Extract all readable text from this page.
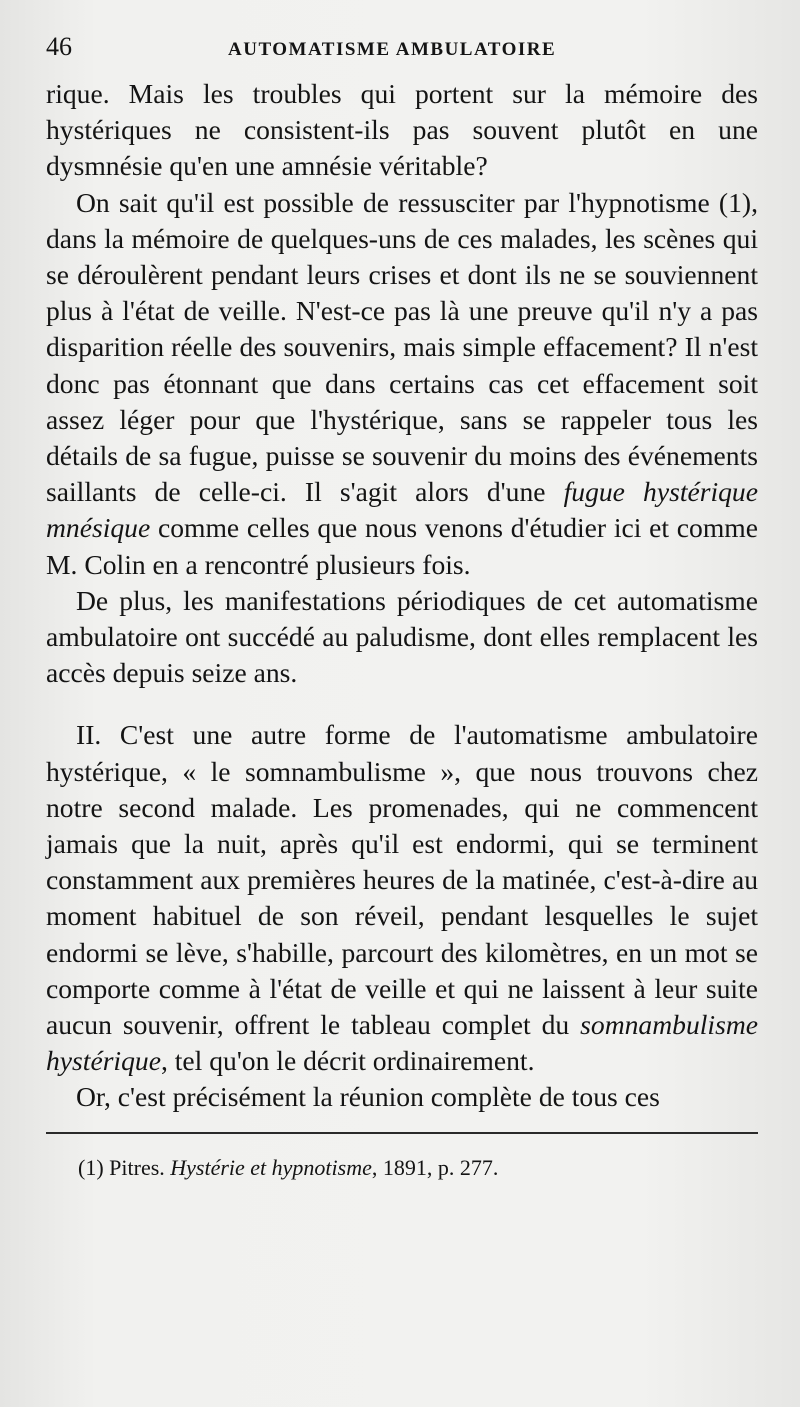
46	AUTOMATISME AMBULATOIRE

rique. Mais les troubles qui portent sur la mémoire des hystériques ne consistent-ils pas souvent plutôt en une dysmnésie qu'en une amnésie véritable?

On sait qu'il est possible de ressusciter par l'hypnotisme (1), dans la mémoire de quelques-uns de ces malades, les scènes qui se déroulèrent pendant leurs crises et dont ils ne se souviennent plus à l'état de veille. N'est-ce pas là une preuve qu'il n'y a pas disparition réelle des souvenirs, mais simple effacement? Il n'est donc pas étonnant que dans certains cas cet effacement soit assez léger pour que l'hystérique, sans se rappeler tous les détails de sa fugue, puisse se souvenir du moins des événements saillants de celle-ci. Il s'agit alors d'une fugue hystérique mnésique comme celles que nous venons d'étudier ici et comme M. Colin en a rencontré plusieurs fois.

De plus, les manifestations périodiques de cet automatisme ambulatoire ont succédé au paludisme, dont elles remplacent les accès depuis seize ans.

II. C'est une autre forme de l'automatisme ambulatoire hystérique, « le somnambulisme », que nous trouvons chez notre second malade. Les promenades, qui ne commencent jamais que la nuit, après qu'il est endormi, qui se terminent constamment aux premières heures de la matinée, c'est-à-dire au moment habituel de son réveil, pendant lesquelles le sujet endormi se lève, s'habille, parcourt des kilomètres, en un mot se comporte comme à l'état de veille et qui ne laissent à leur suite aucun souvenir, offrent le tableau complet du somnambulisme hystérique, tel qu'on le décrit ordinairement.

Or, c'est précisément la réunion complète de tous ces

(1) Pitres. Hystérie et hypnotisme, 1891, p. 277.
